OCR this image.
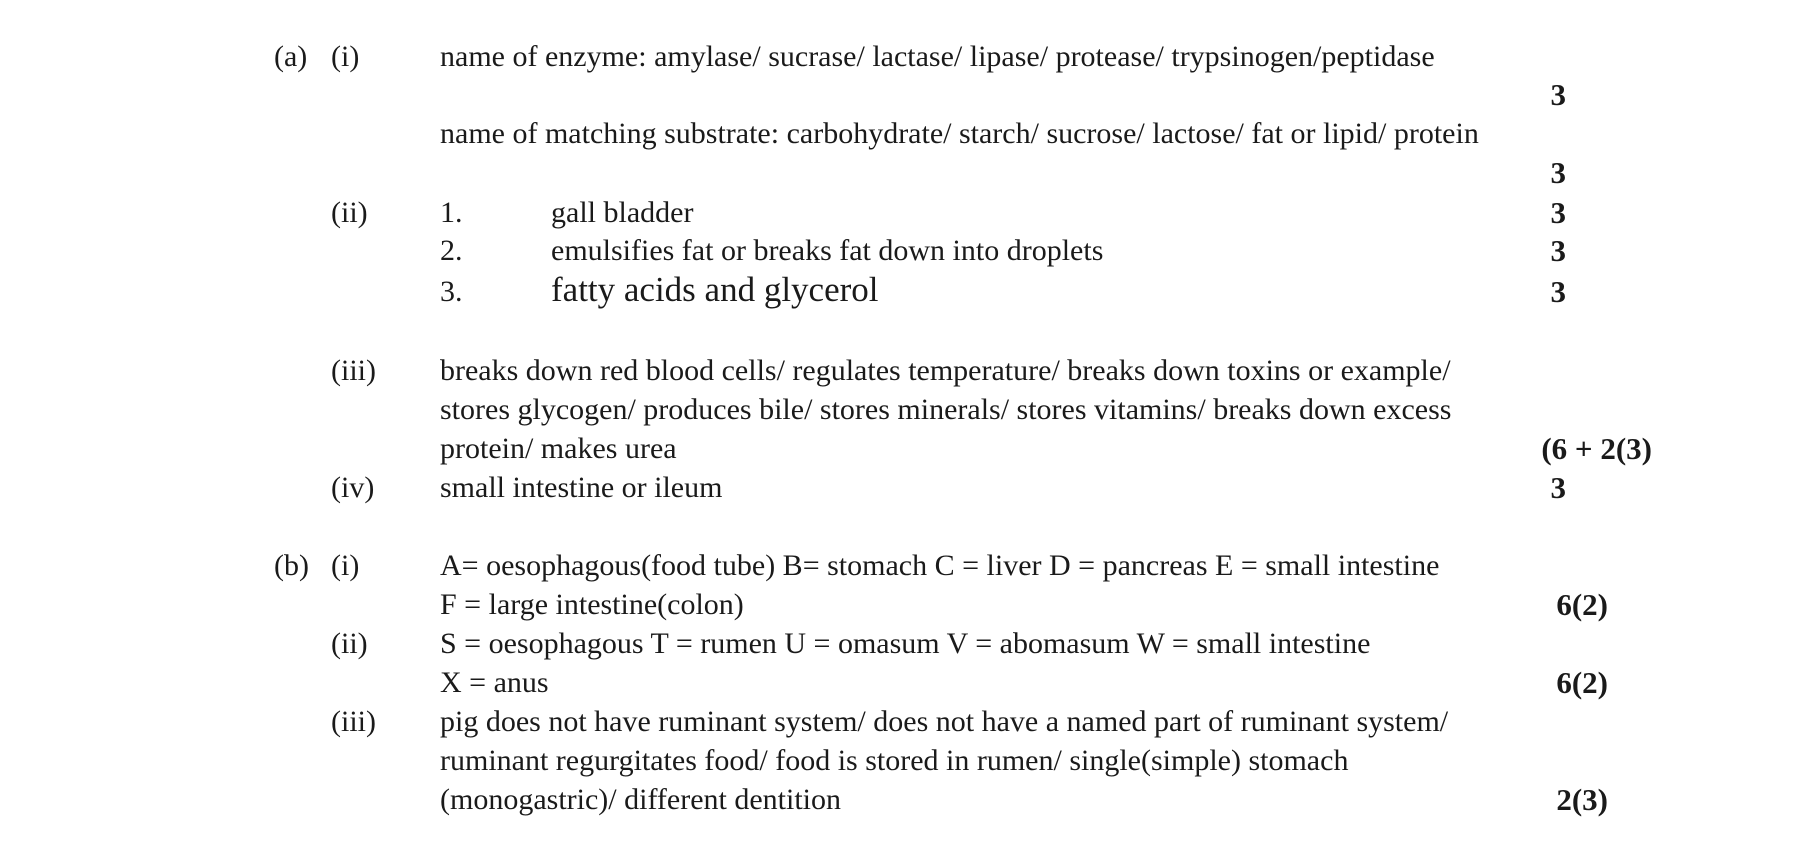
(a) (i)	name of enzyme: amylase/ sucrase/ lactase/ lipase/ protease/ trypsinogen/peptidase
3
name of matching substrate: carbohydrate/ starch/ sucrose/ lactose/ fat or lipid/ protein
3
(ii) 1.	gall bladder	3
2.	emulsifies fat or breaks fat down into droplets	3
3.	fatty acids and glycerol	3
(iii) breaks down red blood cells/ regulates temperature/ breaks down toxins or example/
stores glycogen/ produces bile/ stores minerals/ stores vitamins/ breaks down excess
protein/ makes urea	(6 + 2(3)
(iv) small intestine or ileum	3
(b) (i)	A= oesophagous(food tube) B= stomach C = liver D = pancreas E = small intestine
F = large intestine(colon)	6(2)
(ii) S = oesophagous T = rumen U = omasum V = abomasum W = small intestine
X = anus	6(2)
(iii) pig does not have ruminant system/ does not have a named part of ruminant system/
ruminant regurgitates food/ food is stored in rumen/ single(simple) stomach
(monogastric)/ different dentition	2(3)
